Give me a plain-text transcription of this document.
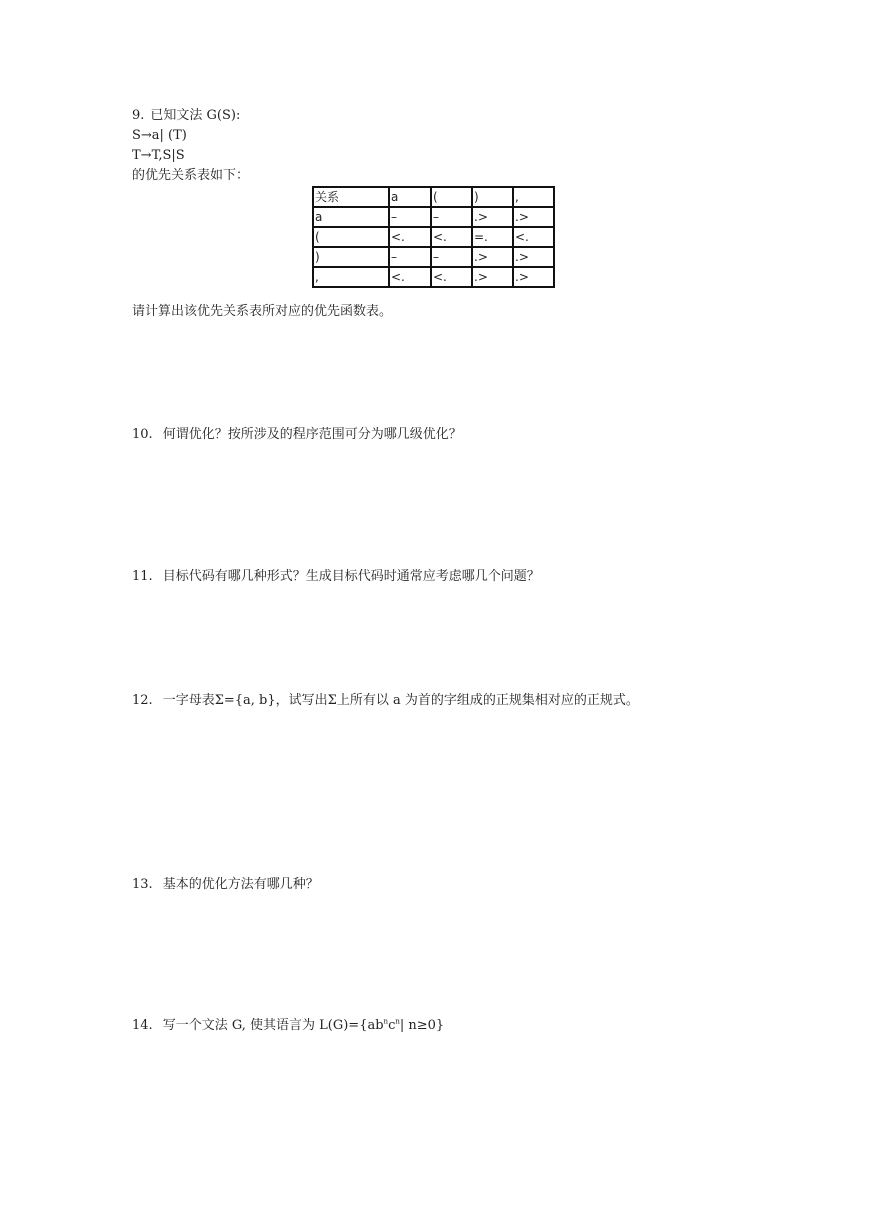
9. 已知文法 G(S):
S→a| (T)
T→T,S|S
的优先关系表如下：
关系	a	(	)	,
a	–	–	.>	.>
(	<.	<.	=.	<.
)	–	–	.>	.>
,	<.	<.	.>	.>
请计算出该优先关系表所对应的优先函数表。
10. 何谓优化？按所涉及的程序范围可分为哪几级优化？
11. 目标代码有哪几种形式？生成目标代码时通常应考虑哪几个问题？
12. 一字母表Σ={a, b}，试写出Σ上所有以 a 为首的字组成的正规集相对应的正规式。
13. 基本的优化方法有哪几种？
14. 写一个文法 G, 使其语言为 $L(G)=\{ab^nc^n|$ n≥0}
